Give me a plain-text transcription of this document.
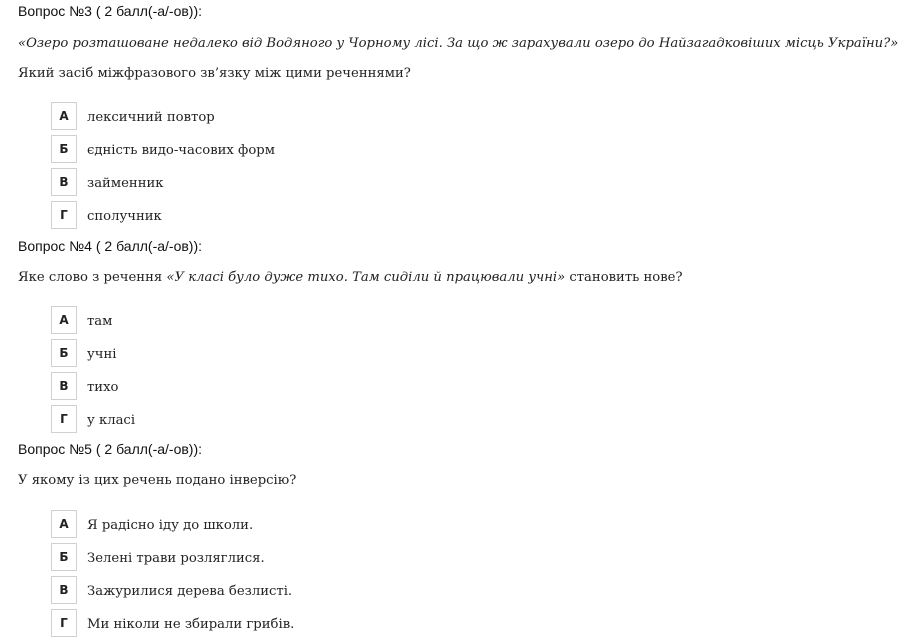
Вопрос №3 ( 2 балл(-а/-ов)):
«Озеро розташоване недалеко від Водяного у Чорному лісі. За що ж зарахували озеро до Найзагадковіших місць України?»
Який засіб міжфразового зв’язку між цими реченнями?
А	лексичний повтор
Б	єдність видо-часових форм
В	займенник
Г	сполучник
Вопрос №4 ( 2 балл(-а/-ов)):
Яке слово з речення «У класі було дуже тихо. Там сиділи й працювали учні» становить нове?
А	там
Б	учні
В	тихо
Г	у класі
Вопрос №5 ( 2 балл(-а/-ов)):
У якому із цих речень подано інверсію?
А	Я радісно іду до школи.
Б	Зелені трави розляглися.
В	Зажурилися дерева безлисті.
Г	Ми ніколи не збирали грибів.
